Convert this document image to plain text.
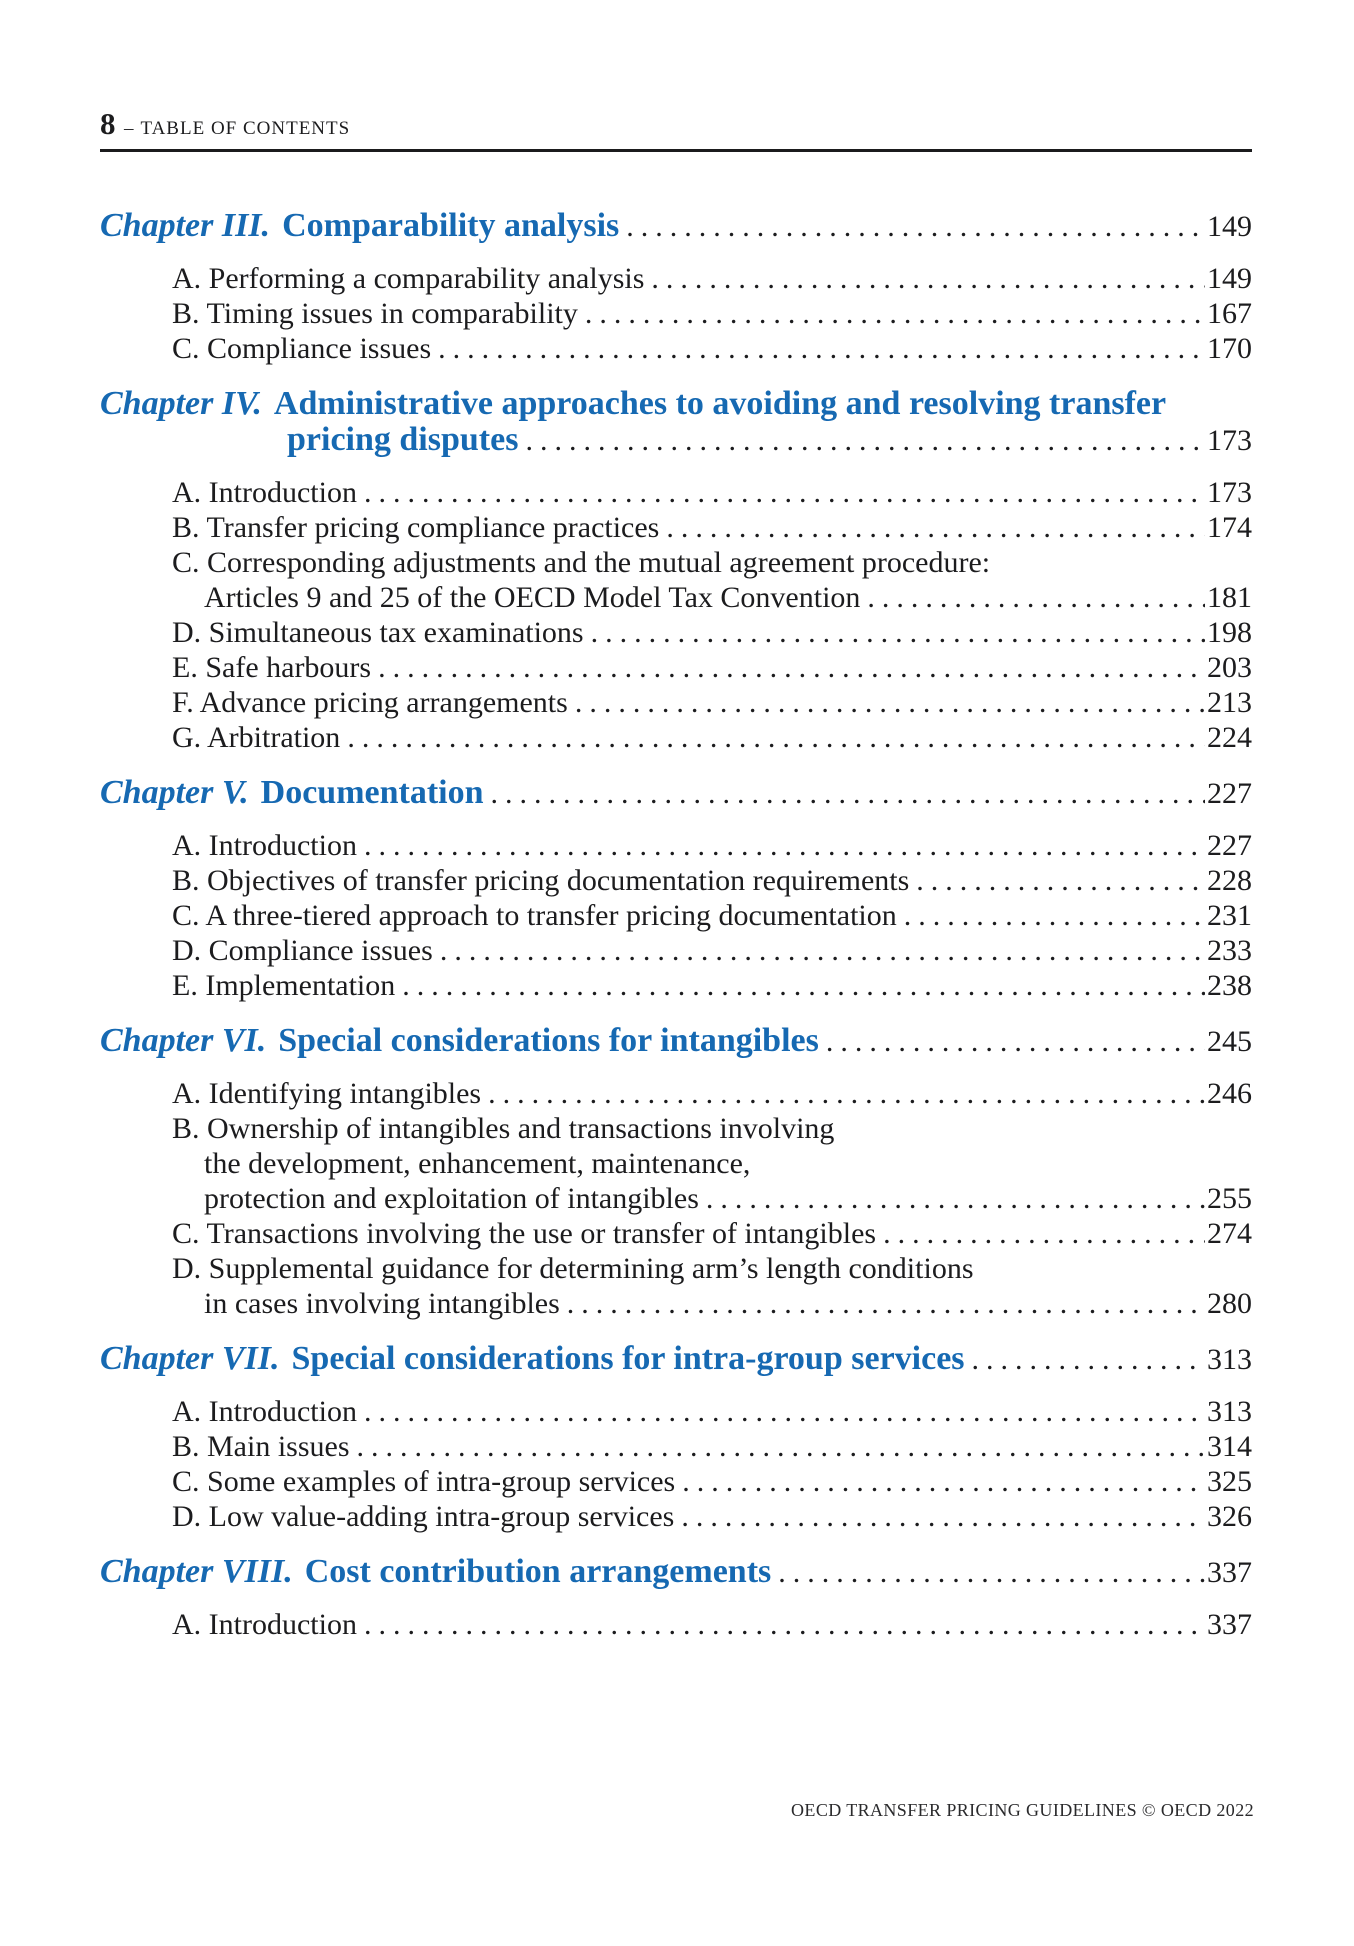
8 – TABLE OF CONTENTS
Chapter III. Comparability analysis .....	149
A. Performing a comparability analysis .....	149
B. Timing issues in comparability .....	167
C. Compliance issues .....	170
Chapter IV. Administrative approaches to avoiding and resolving transfer
pricing disputes .....	173
A. Introduction .....	173
B. Transfer pricing compliance practices .....	174
C. Corresponding adjustments and the mutual agreement procedure:
Articles 9 and 25 of the OECD Model Tax Convention .....	181
D. Simultaneous tax examinations .....	198
E. Safe harbours .....	203
F. Advance pricing arrangements .....	213
G. Arbitration .....	224
Chapter V. Documentation .....	227
A. Introduction .....	227
B. Objectives of transfer pricing documentation requirements .....	228
C. A three-tiered approach to transfer pricing documentation .....	231
D. Compliance issues .....	233
E. Implementation .....	238
Chapter VI. Special considerations for intangibles .....	245
A. Identifying intangibles .....	246
B. Ownership of intangibles and transactions involving
the development, enhancement, maintenance,
protection and exploitation of intangibles .....	255
C. Transactions involving the use or transfer of intangibles .....	274
D. Supplemental guidance for determining arm’s length conditions
in cases involving intangibles .....	280
Chapter VII. Special considerations for intra-group services .....	313
A. Introduction .....	313
B. Main issues .....	314
C. Some examples of intra-group services .....	325
D. Low value-adding intra-group services .....	326
Chapter VIII. Cost contribution arrangements .....	337
A. Introduction .....	337
OECD TRANSFER PRICING GUIDELINES © OECD 2022
